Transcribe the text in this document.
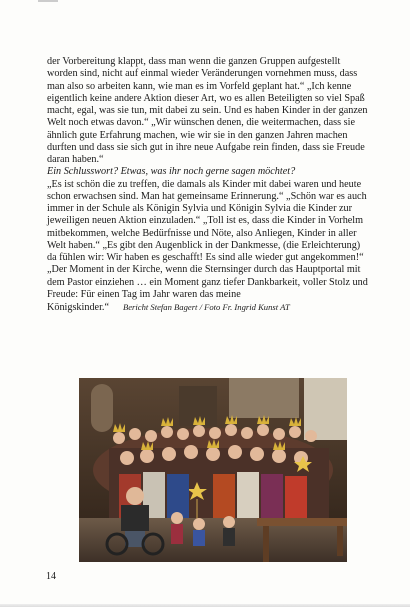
der Vorbereitung klappt, dass man wenn die ganzen Gruppen aufgestellt worden sind, nicht auf einmal wieder Veränderungen vornehmen muss, dass man also so arbeiten kann, wie man es im Vorfeld geplant hat.“ „Ich kenne eigentlich keine andere Aktion dieser Art, wo es allen Beteiligten so viel Spaß macht, egal, was sie tun, mit dabei zu sein. Und es haben Kinder in der ganzen Welt noch etwas davon.“ „Wir wünschen denen, die weitermachen, dass sie ähnlich gute Erfahrung machen, wie wir sie in den ganzen Jahren machen durften und dass sie sich gut in ihre neue Aufgabe rein finden, dass sie Freude daran haben.“

Ein Schlusswort? Etwas, was ihr noch gerne sagen möchtet?

„Es ist schön die zu treffen, die damals als Kinder mit dabei waren und heute schon erwachsen sind. Man hat gemeinsame Erinnerung.“ „Schön war es auch immer in der Schule als Königin Sylvia und Königin Sylvia die Kinder zur jeweiligen neuen Aktion einzuladen.“ „Toll ist es, dass die Kinder in Vorhelm mitbekommen, welche Bedürfnisse und Nöte, also Anliegen, Kinder in aller Welt haben.“ „Es gibt den Augenblick in der Dankmesse, (die Erleichterung) da fühlen wir: Wir haben es geschafft! Es sind alle wieder gut angekommen!“ „Der Moment in der Kirche, wenn die Sternsinger durch das Hauptportal mit dem Pastor einziehen … ein Moment ganz tiefer Dankbarkeit, voller Stolz und Freude: Für einen Tag im Jahr waren das meine Königskinder.“ Bericht Stefan Bagert / Foto Fr. Ingrid Kunst AT

14
